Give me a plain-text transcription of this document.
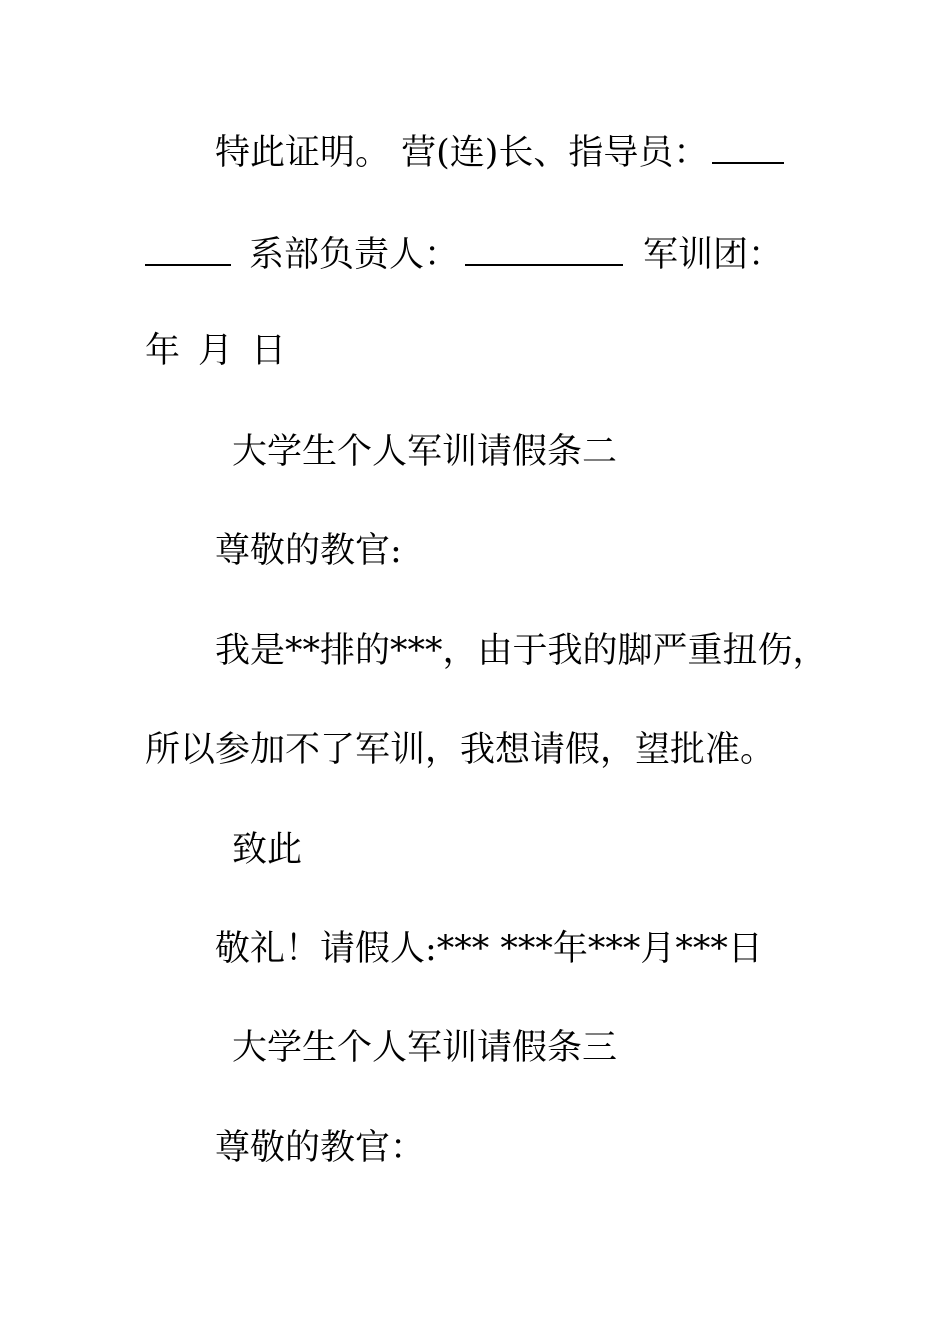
特此证明。 营(连)长、指导员：
系部负责人：	军训团：
年 月 日
大学生个人军训请假条二
尊敬的教官:
我是**排的***，由于我的脚严重扭伤，
所以参加不了军训，我想请假，望批准。
致此
敬礼！请假人:*** ***年***月***日
大学生个人军训请假条三
尊敬的教官：
